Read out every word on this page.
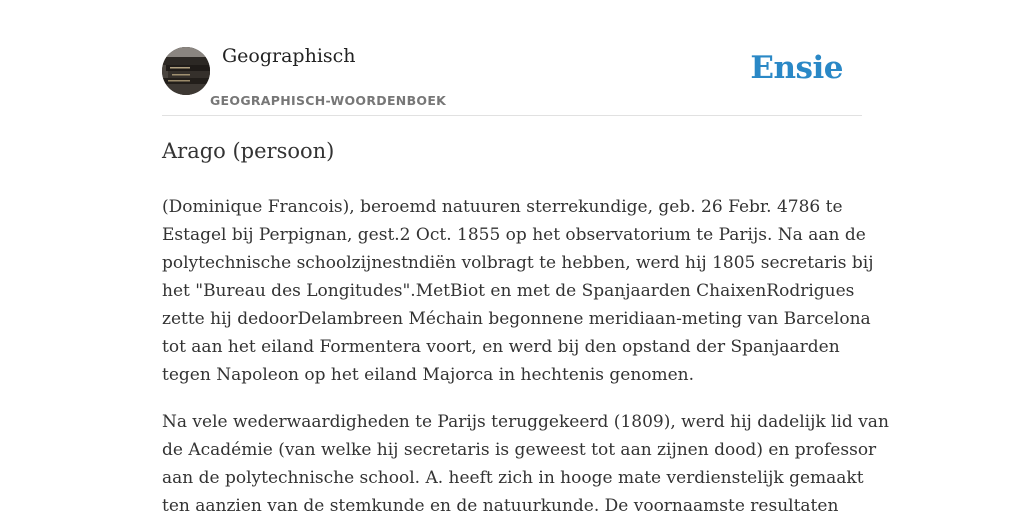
Geographisch
GEOGRAPHISCH-WOORDENBOEK
Ensie
Arago (persoon)

(Dominique Francois), beroemd natuuren sterrekundige, geb. 26 Febr. 4786 te
Estagel bij Perpignan, gest.2 Oct. 1855 op het observatorium te Parijs. Na aan de
polytechnische schoolzijnestndiën volbragt te hebben, werd hij 1805 secretaris bij
het "Bureau des Longitudes".MetBiot en met de Spanjaarden ChaixenRodrigues
zette hij dedoorDelambreen Méchain begonnene meridiaan-meting van Barcelona
tot aan het eiland Formentera voort, en werd bij den opstand der Spanjaarden
tegen Napoleon op het eiland Majorca in hechtenis genomen.

Na vele wederwaardigheden te Parijs teruggekeerd (1809), werd hij dadelijk lid van
de Académie (van welke hij secretaris is geweest tot aan zijnen dood) en professor
aan de polytechnische school. A. heeft zich in hooge mate verdienstelijk gemaakt
ten aanzien van de stemkunde en de natuurkunde. De voornaamste resultaten
